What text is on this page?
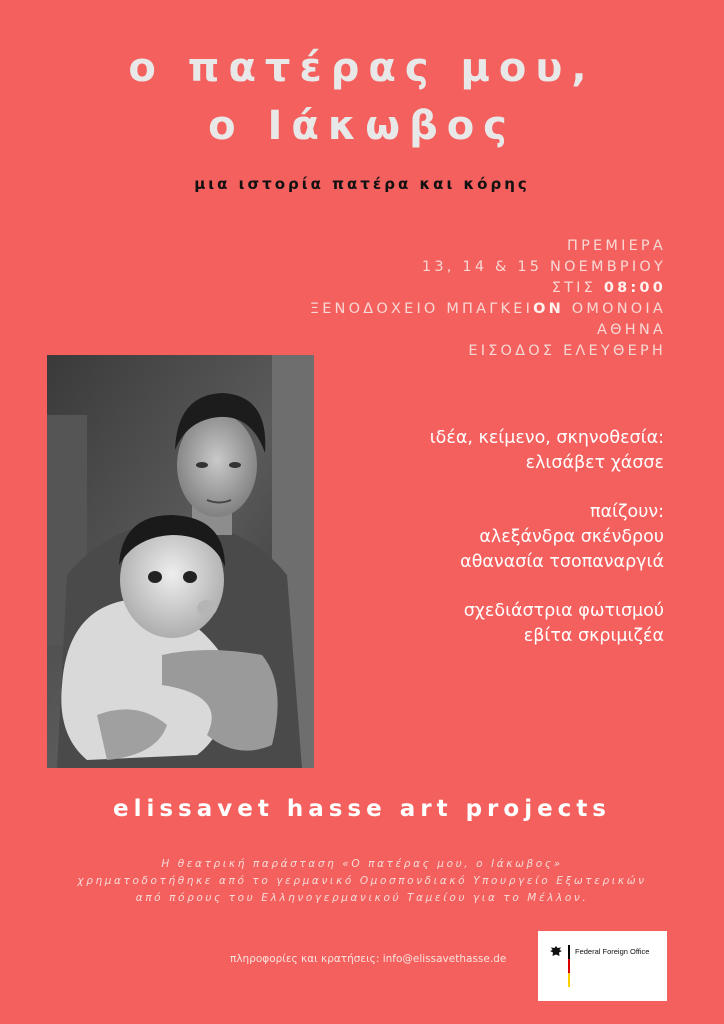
ο πατέρας μου,
ο Ιάκωβος
μια ιστορία πατέρα και κόρης
ΠΡΕΜΙΕΡΑ
13, 14 & 15 ΝΟΕΜΒΡΙΟΥ
ΣΤΙΣ 08:00
ΞΕΝΟΔΟΧΕΙΟ ΜΠΑΓΚΕΙΟΝ ΟΜΟΝΟΙΑ
ΑΘΗΝΑ
ΕΙΣΟΔΟΣ ΕΛΕΥΘΕΡΗ
ιδέα, κείμενο, σκηνοθεσία:
ελισάβετ χάσσε
παίζουν:
αλεξάνδρα σκένδρου
αθανασία τσοπαναργιά
σχεδιάστρια φωτισμού
εβίτα σκριμιζέα
elissavet hasse art projects
Η θεατρική παράσταση «Ο πατέρας μου, ο Ιάκωβος»
χρηματοδοτήθηκε από το γερμανικό Ομοσπονδιακό Υπουργείο Εξωτερικών
από πόρους του Ελληνογερμανικού Ταμείου για το Μέλλον.
πληροφορίες και κρατήσεις: info@elissavethasse.de
Federal Foreign Office
